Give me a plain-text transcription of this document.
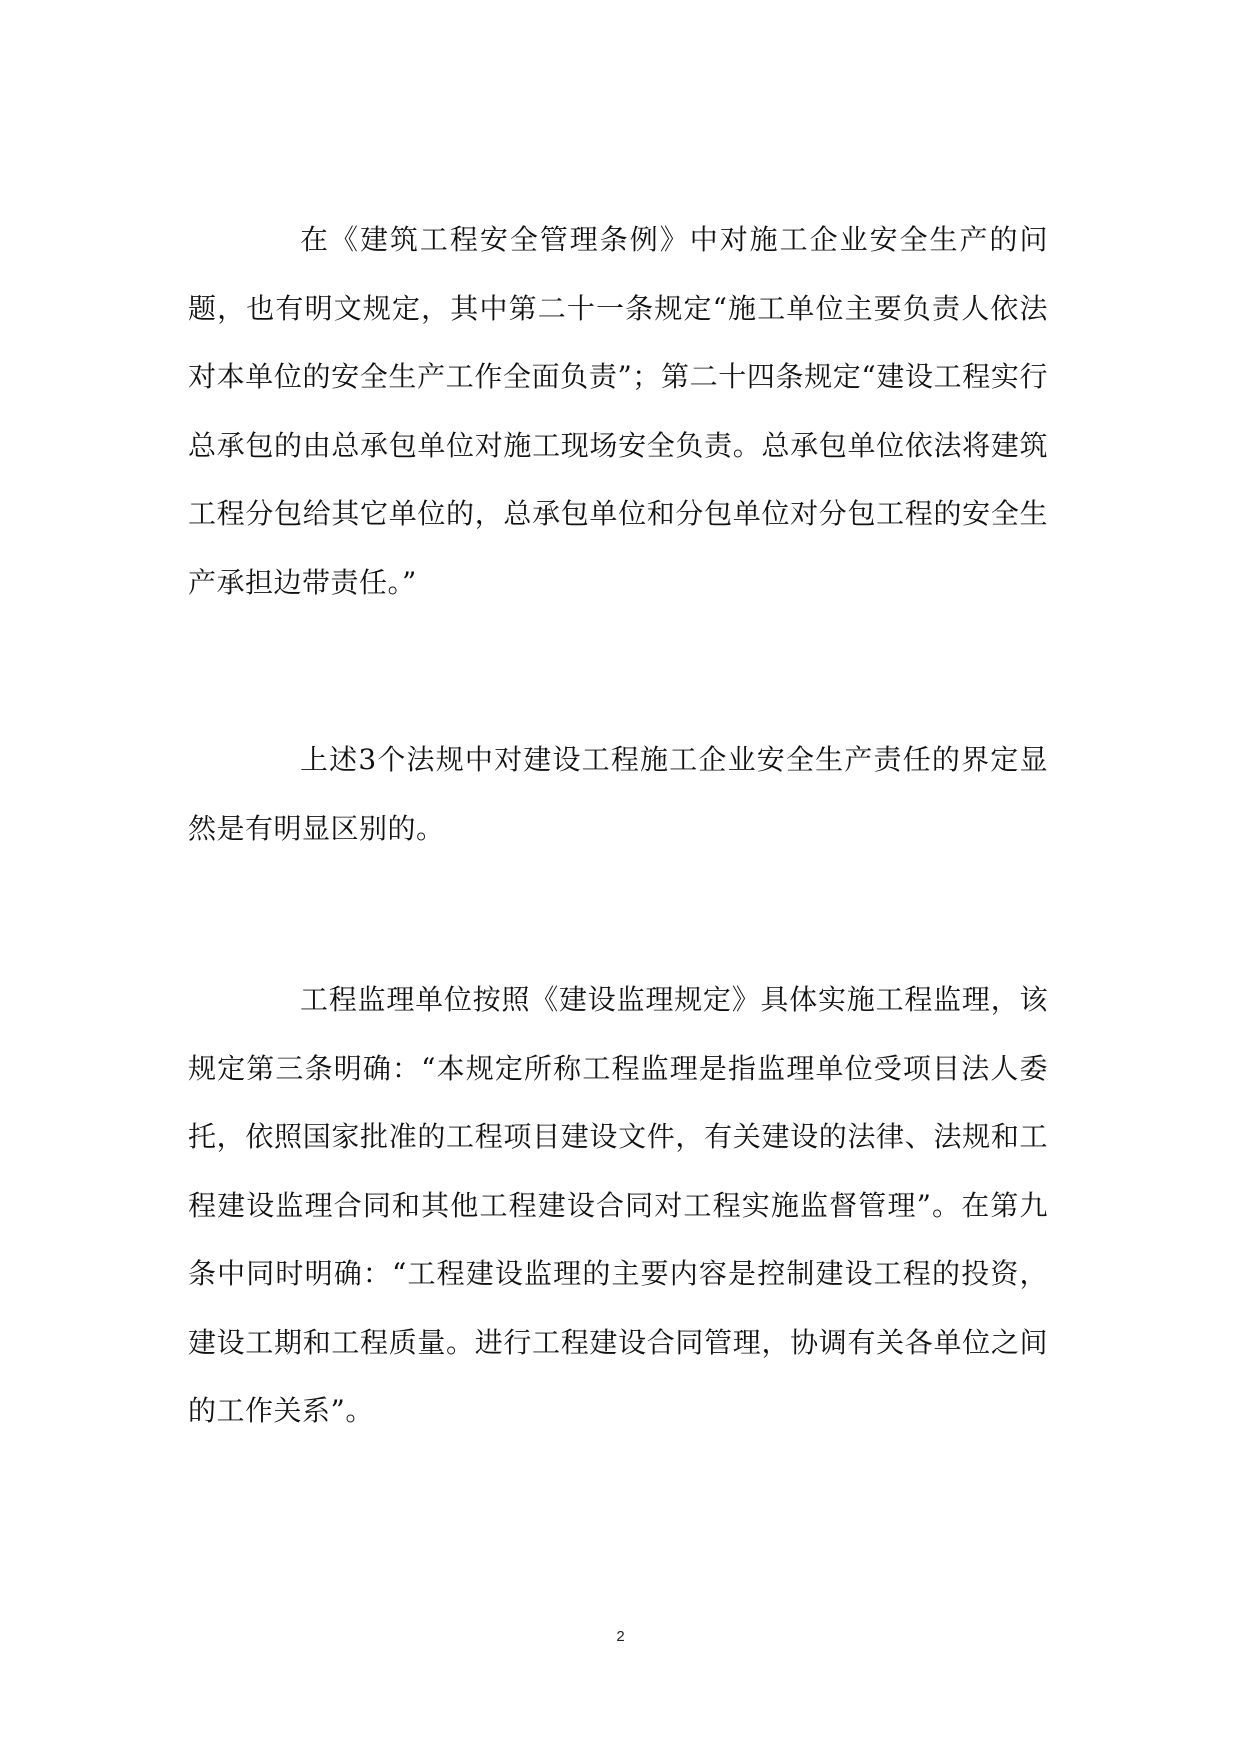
在《建筑工程安全管理条例》中对施工企业安全生产的问题，也有明文规定，其中第二十一条规定“施工单位主要负责人依法对本单位的安全生产工作全面负责”；第二十四条规定“建设工程实行总承包的由总承包单位对施工现场安全负责。总承包单位依法将建筑工程分包给其它单位的，总承包单位和分包单位对分包工程的安全生产承担边带责任。”

上述3个法规中对建设工程施工企业安全生产责任的界定显然是有明显区别的。

工程监理单位按照《建设监理规定》具体实施工程监理，该规定第三条明确：“本规定所称工程监理是指监理单位受项目法人委托，依照国家批准的工程项目建设文件，有关建设的法律、法规和工程建设监理合同和其他工程建设合同对工程实施监督管理”。在第九条中同时明确：“工程建设监理的主要内容是控制建设工程的投资，建设工期和工程质量。进行工程建设合同管理，协调有关各单位之间的工作关系”。

2
